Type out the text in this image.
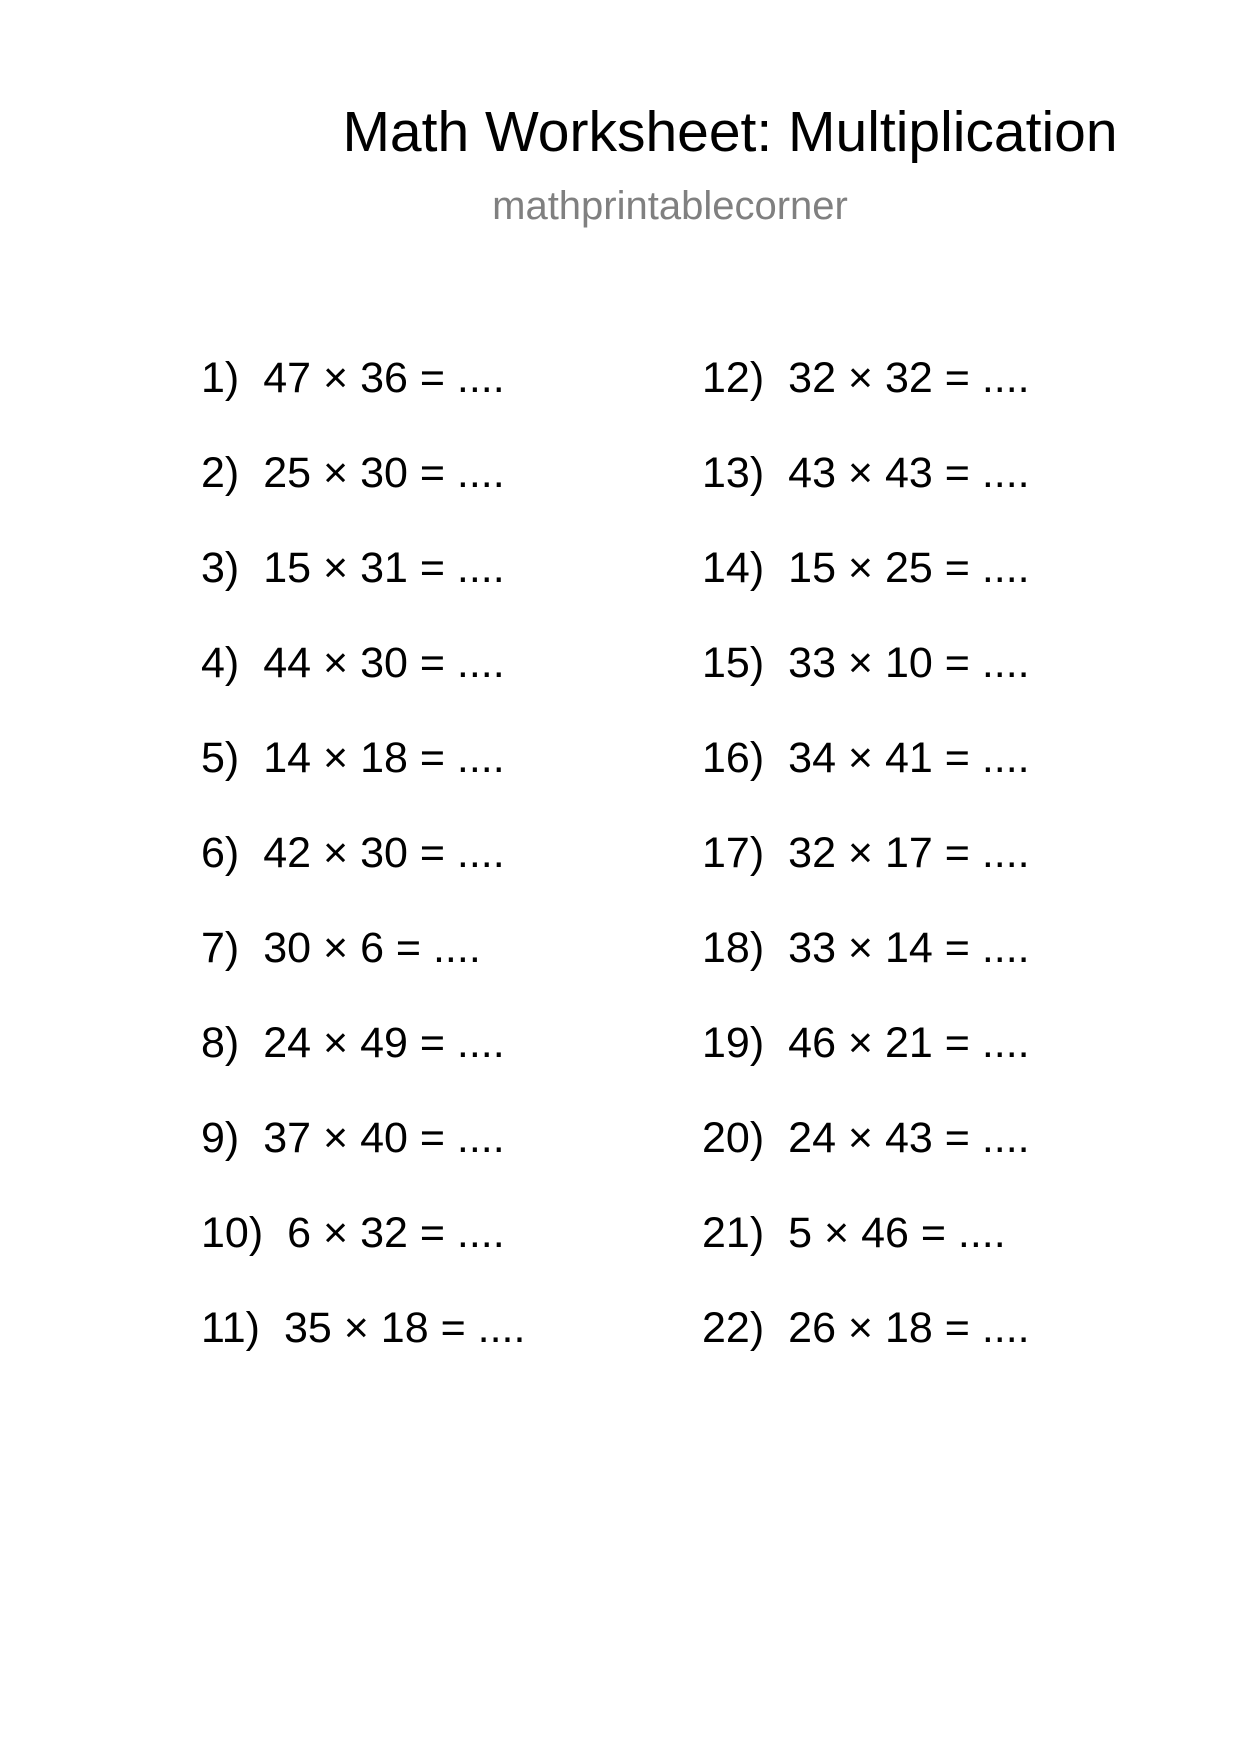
Math Worksheet: Multiplication
mathprintablecorner
1) 47 × 36 = ....
2) 25 × 30 = ....
3) 15 × 31 = ....
4) 44 × 30 = ....
5) 14 × 18 = ....
6) 42 × 30 = ....
7) 30 × 6 = ....
8) 24 × 49 = ....
9) 37 × 40 = ....
10) 6 × 32 = ....
11) 35 × 18 = ....
12) 32 × 32 = ....
13) 43 × 43 = ....
14) 15 × 25 = ....
15) 33 × 10 = ....
16) 34 × 41 = ....
17) 32 × 17 = ....
18) 33 × 14 = ....
19) 46 × 21 = ....
20) 24 × 43 = ....
21) 5 × 46 = ....
22) 26 × 18 = ....
